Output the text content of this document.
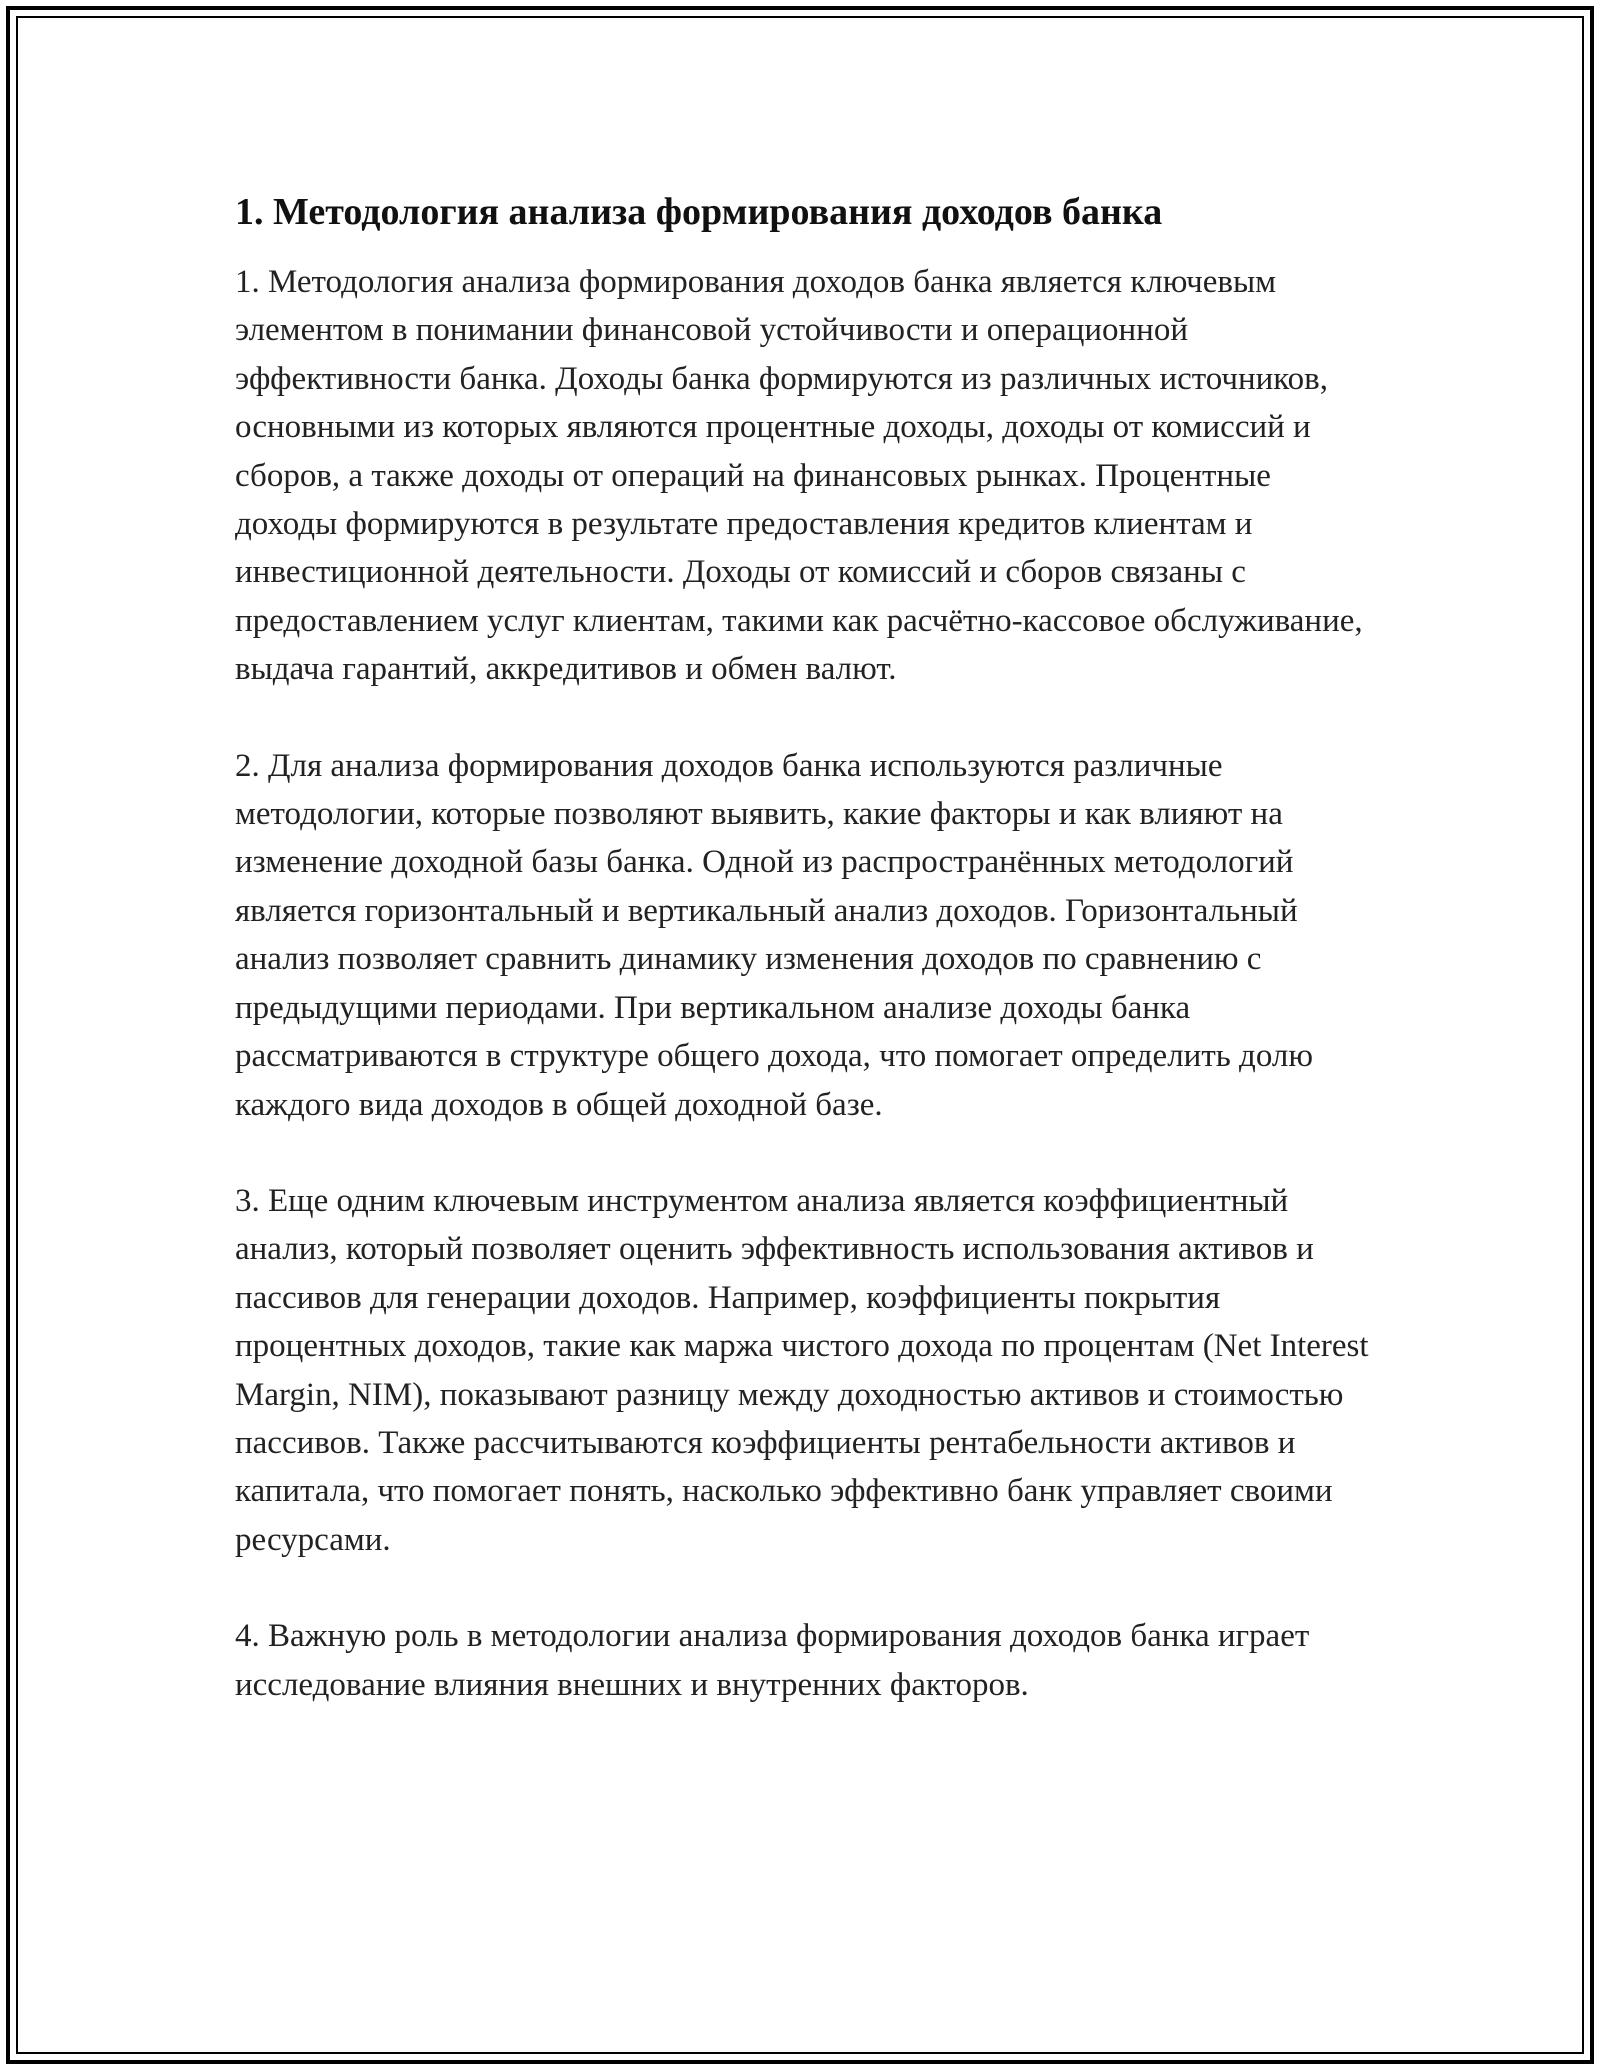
1. Методология анализа формирования доходов банка

1. Методология анализа формирования доходов банка является ключевым элементом в понимании финансовой устойчивости и операционной эффективности банка. Доходы банка формируются из различных источников, основными из которых являются процентные доходы, доходы от комиссий и сборов, а также доходы от операций на финансовых рынках. Процентные доходы формируются в результате предоставления кредитов клиентам и инвестиционной деятельности. Доходы от комиссий и сборов связаны с предоставлением услуг клиентам, такими как расчётно-кассовое обслуживание, выдача гарантий, аккредитивов и обмен валют.

2. Для анализа формирования доходов банка используются различные методологии, которые позволяют выявить, какие факторы и как влияют на изменение доходной базы банка. Одной из распространённых методологий является горизонтальный и вертикальный анализ доходов. Горизонтальный анализ позволяет сравнить динамику изменения доходов по сравнению с предыдущими периодами. При вертикальном анализе доходы банка рассматриваются в структуре общего дохода, что помогает определить долю каждого вида доходов в общей доходной базе.

3. Еще одним ключевым инструментом анализа является коэффициентный анализ, который позволяет оценить эффективность использования активов и пассивов для генерации доходов. Например, коэффициенты покрытия процентных доходов, такие как маржа чистого дохода по процентам (Net Interest Margin, NIM), показывают разницу между доходностью активов и стоимостью пассивов. Также рассчитываются коэффициенты рентабельности активов и капитала, что помогает понять, насколько эффективно банк управляет своими ресурсами.

4. Важную роль в методологии анализа формирования доходов банка играет исследование влияния внешних и внутренних факторов.
